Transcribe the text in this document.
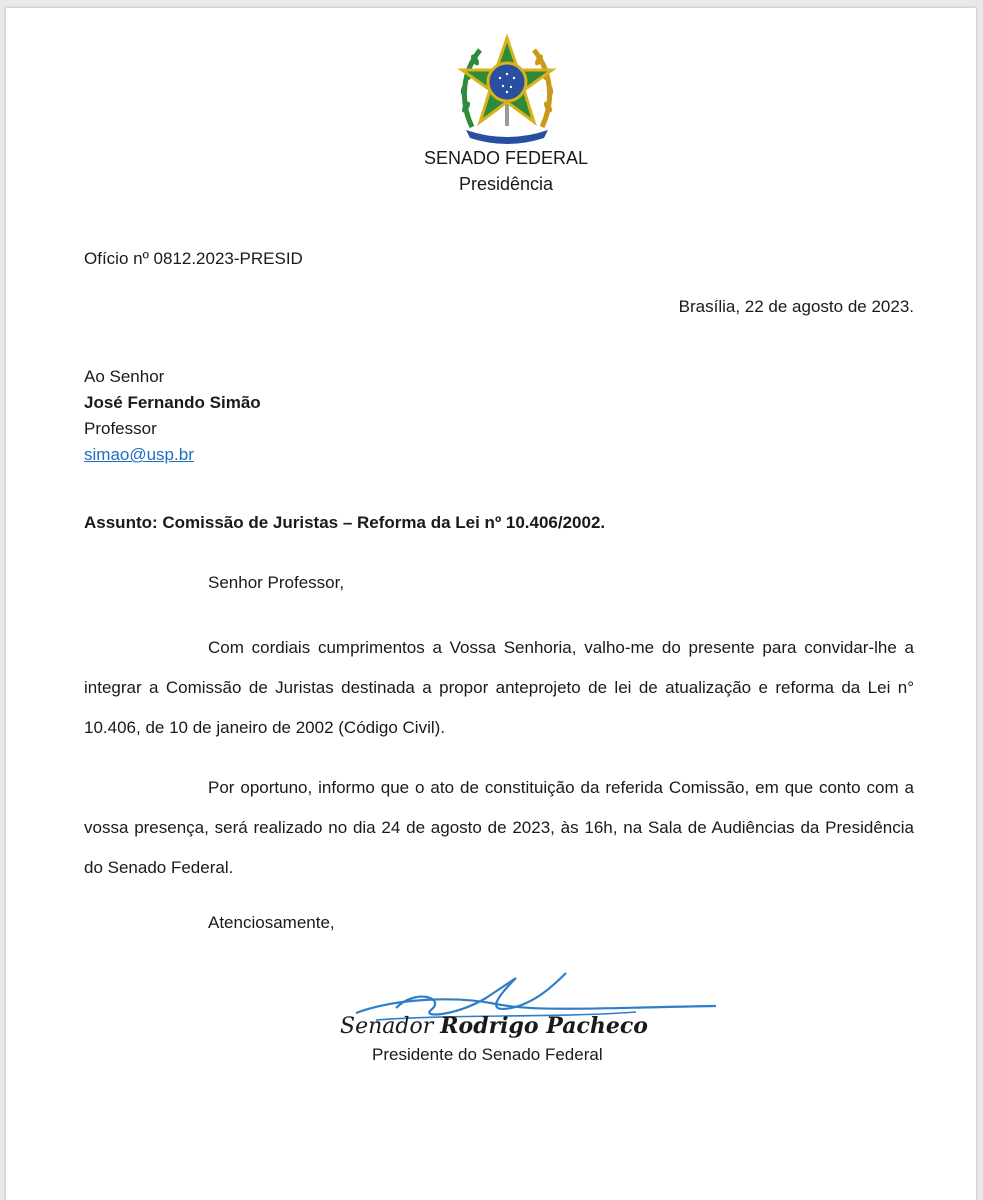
SENADO FEDERAL
Presidência
Ofício nº 0812.2023-PRESID
Brasília, 22 de agosto de 2023.
Ao Senhor
José Fernando Simão
Professor
simao@usp.br
Assunto: Comissão de Juristas – Reforma da Lei nº 10.406/2002.
Senhor Professor,
Com cordiais cumprimentos a Vossa Senhoria, valho-me do presente para convidar-lhe a integrar a Comissão de Juristas destinada a propor anteprojeto de lei de atualização e reforma da Lei n° 10.406, de 10 de janeiro de 2002 (Código Civil).
Por oportuno, informo que o ato de constituição da referida Comissão, em que conto com a vossa presença, será realizado no dia 24 de agosto de 2023, às 16h, na Sala de Audiências da Presidência do Senado Federal.
Atenciosamente,
Senador Rodrigo Pacheco
Presidente do Senado Federal
